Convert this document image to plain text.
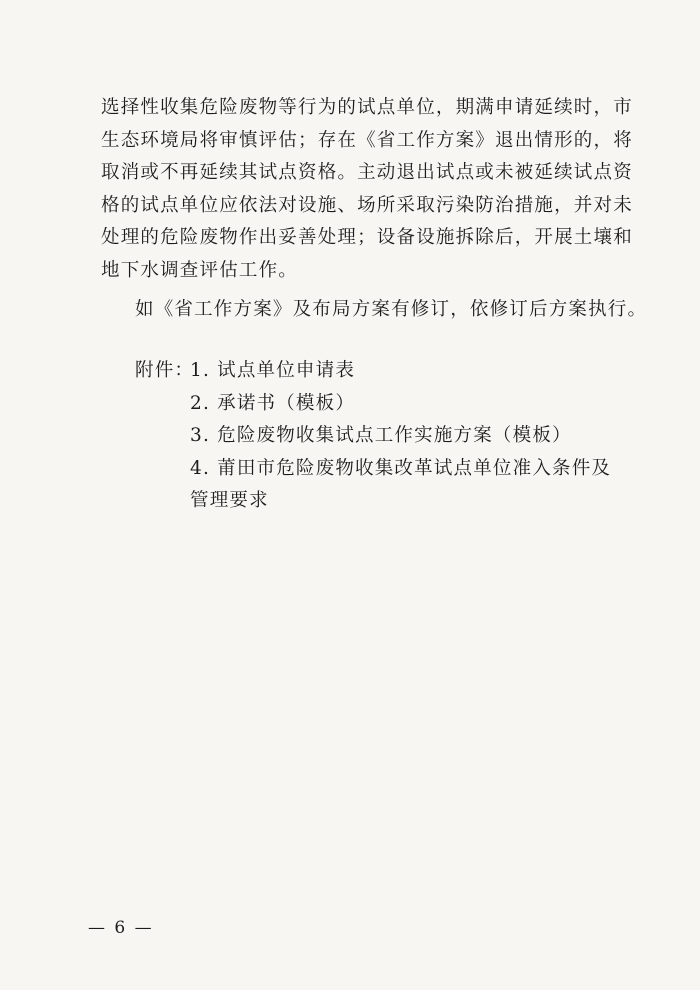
选择性收集危险废物等行为的试点单位，期满申请延续时，市
生态环境局将审慎评估；存在《省工作方案》退出情形的，将
取消或不再延续其试点资格。主动退出试点或未被延续试点资
格的试点单位应依法对设施、场所采取污染防治措施，并对未
处理的危险废物作出妥善处理；设备设施拆除后，开展土壤和
地下水调查评估工作。
如《省工作方案》及布局方案有修订，依修订后方案执行。
附件：
1. 试点单位申请表
2. 承诺书（模板）
3. 危险废物收集试点工作实施方案（模板）
4. 莆田市危险废物收集改革试点单位准入条件及
管理要求
— 6 —
